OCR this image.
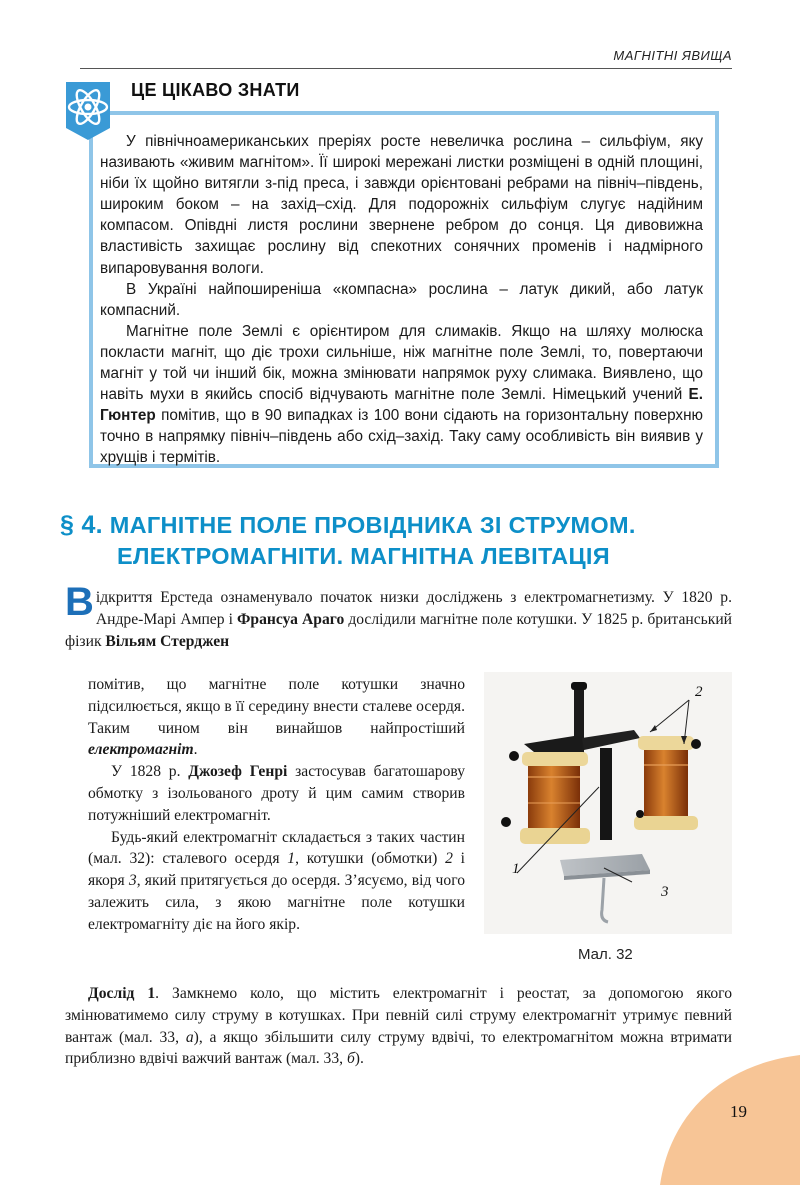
МАГНІТНІ ЯВИЩА
ЦЕ ЦІКАВО ЗНАТИ

У північноамериканських преріях росте невеличка рослина – сильфіум, яку називають «живим магнітом». Її широкі мережані листки розміщені в одній площині, ніби їх щойно витягли з-під преса, і завжди орієнтовані ребрами на північ–південь, широким боком – на захід–схід. Для подорожніх сильфіум слугує надійним компасом. Опівдні листя рослини звернене ребром до сонця. Ця дивовижна властивість захищає рослину від спекотних сонячних променів і надмірного випаровування вологи.

В Україні найпоширеніша «компасна» рослина – латук дикий, або латук компасний.

Магнітне поле Землі є орієнтиром для слимаків. Якщо на шляху молюска покласти магніт, що діє трохи сильніше, ніж магнітне поле Землі, то, повертаючи магніт у той чи інший бік, можна змінювати напрямок руху слимака. Виявлено, що навіть мухи в якийсь спосіб відчувають магнітне поле Землі. Німецький учений Е. Гюнтер помітив, що в 90 випадках із 100 вони сідають на горизонтальну поверхню точно в напрямку північ–південь або схід–захід. Таку саму особливість він виявив у хрущів і термітів.

§ 4. МАГНІТНЕ ПОЛЕ ПРОВІДНИКА ЗІ СТРУМОМ.
ЕЛЕКТРОМАГНІТИ. МАГНІТНА ЛЕВІТАЦІЯ

Відкриття Ерстеда ознаменувало початок низки досліджень з електромагнетизму. У 1820 р. Андре-Марі Ампер і Франсуа Араго дослідили магнітне поле котушки. У 1825 р. британський фізик Вільям Стерджен

помітив, що магнітне поле котушки значно підсилюється, якщо в її середину внести сталеве осердя. Таким чином він винайшов найпростіший електромагніт.

У 1828 р. Джозеф Генрі застосував багатошарову обмотку з ізольованого дроту й цим самим створив потужніший електромагніт.

Будь-який електромагніт складається з таких частин (мал. 32): сталевого осердя 1, котушки (обмотки) 2 і якоря 3, який притягується до осердя. З’ясуємо, від чого залежить сила, з якою магнітне поле котушки електромагніту діє на його якір.

2
1
3
Мал. 32

Дослід 1. Замкнемо коло, що містить електромагніт і реостат, за допомогою якого змінюватимемо силу струму в котушках. При певній силі струму електромагніт утримує певний вантаж (мал. 33, а), а якщо збільшити силу струму вдвічі, то електромагнітом можна втримати приблизно вдвічі важчий вантаж (мал. 33, б).

19
